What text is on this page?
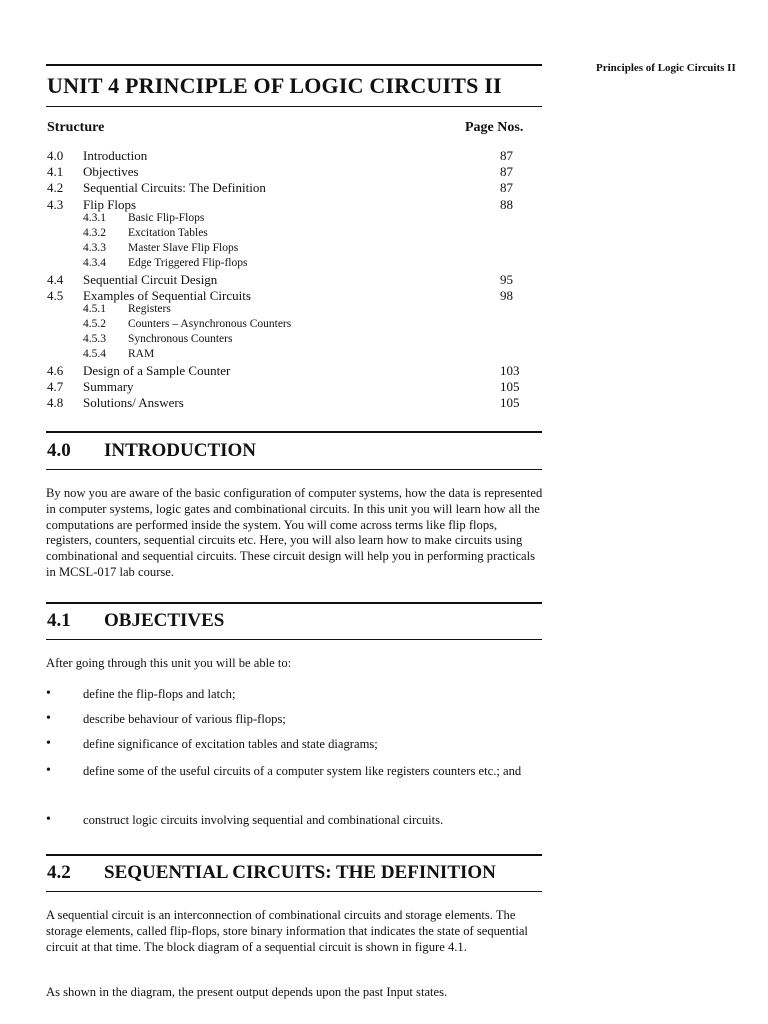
Principles of Logic Circuits II
UNIT 4 PRINCIPLE OF LOGIC CIRCUITS II
Structure	Page Nos.
4.0 Introduction	87
4.1 Objectives	87
4.2 Sequential Circuits: The Definition	87
4.3 Flip Flops	88
4.3.1 Basic Flip-Flops
4.3.2 Excitation Tables
4.3.3 Master Slave Flip Flops
4.3.4 Edge Triggered Flip-flops
4.4 Sequential Circuit Design	95
4.5 Examples of Sequential Circuits	98
4.5.1 Registers
4.5.2 Counters – Asynchronous Counters
4.5.3 Synchronous Counters
4.5.4 RAM
4.6 Design of a Sample Counter	103
4.7 Summary	105
4.8 Solutions/ Answers	105
4.0 INTRODUCTION
By now you are aware of the basic configuration of computer systems, how the data is represented in computer systems, logic gates and combinational circuits. In this unit you will learn how all the computations are performed inside the system. You will come across terms like flip flops, registers, counters, sequential circuits etc. Here, you will also learn how to make circuits using combinational and sequential circuits. These circuit design will help you in performing practicals in MCSL-017 lab course.
4.1 OBJECTIVES
After going through this unit you will be able to:
•	define the flip-flops and latch;
•	describe behaviour of various flip-flops;
•	define significance of excitation tables and state diagrams;
•	define some of the useful circuits of a computer system like registers counters etc.; and
•	construct logic circuits involving sequential and combinational circuits.
4.2 SEQUENTIAL CIRCUITS: THE DEFINITION
A sequential circuit is an interconnection of combinational circuits and storage elements. The storage elements, called flip-flops, store binary information that indicates the state of sequential circuit at that time. The block diagram of a sequential circuit is shown in figure 4.1.
As shown in the diagram, the present output depends upon the past Input states.
